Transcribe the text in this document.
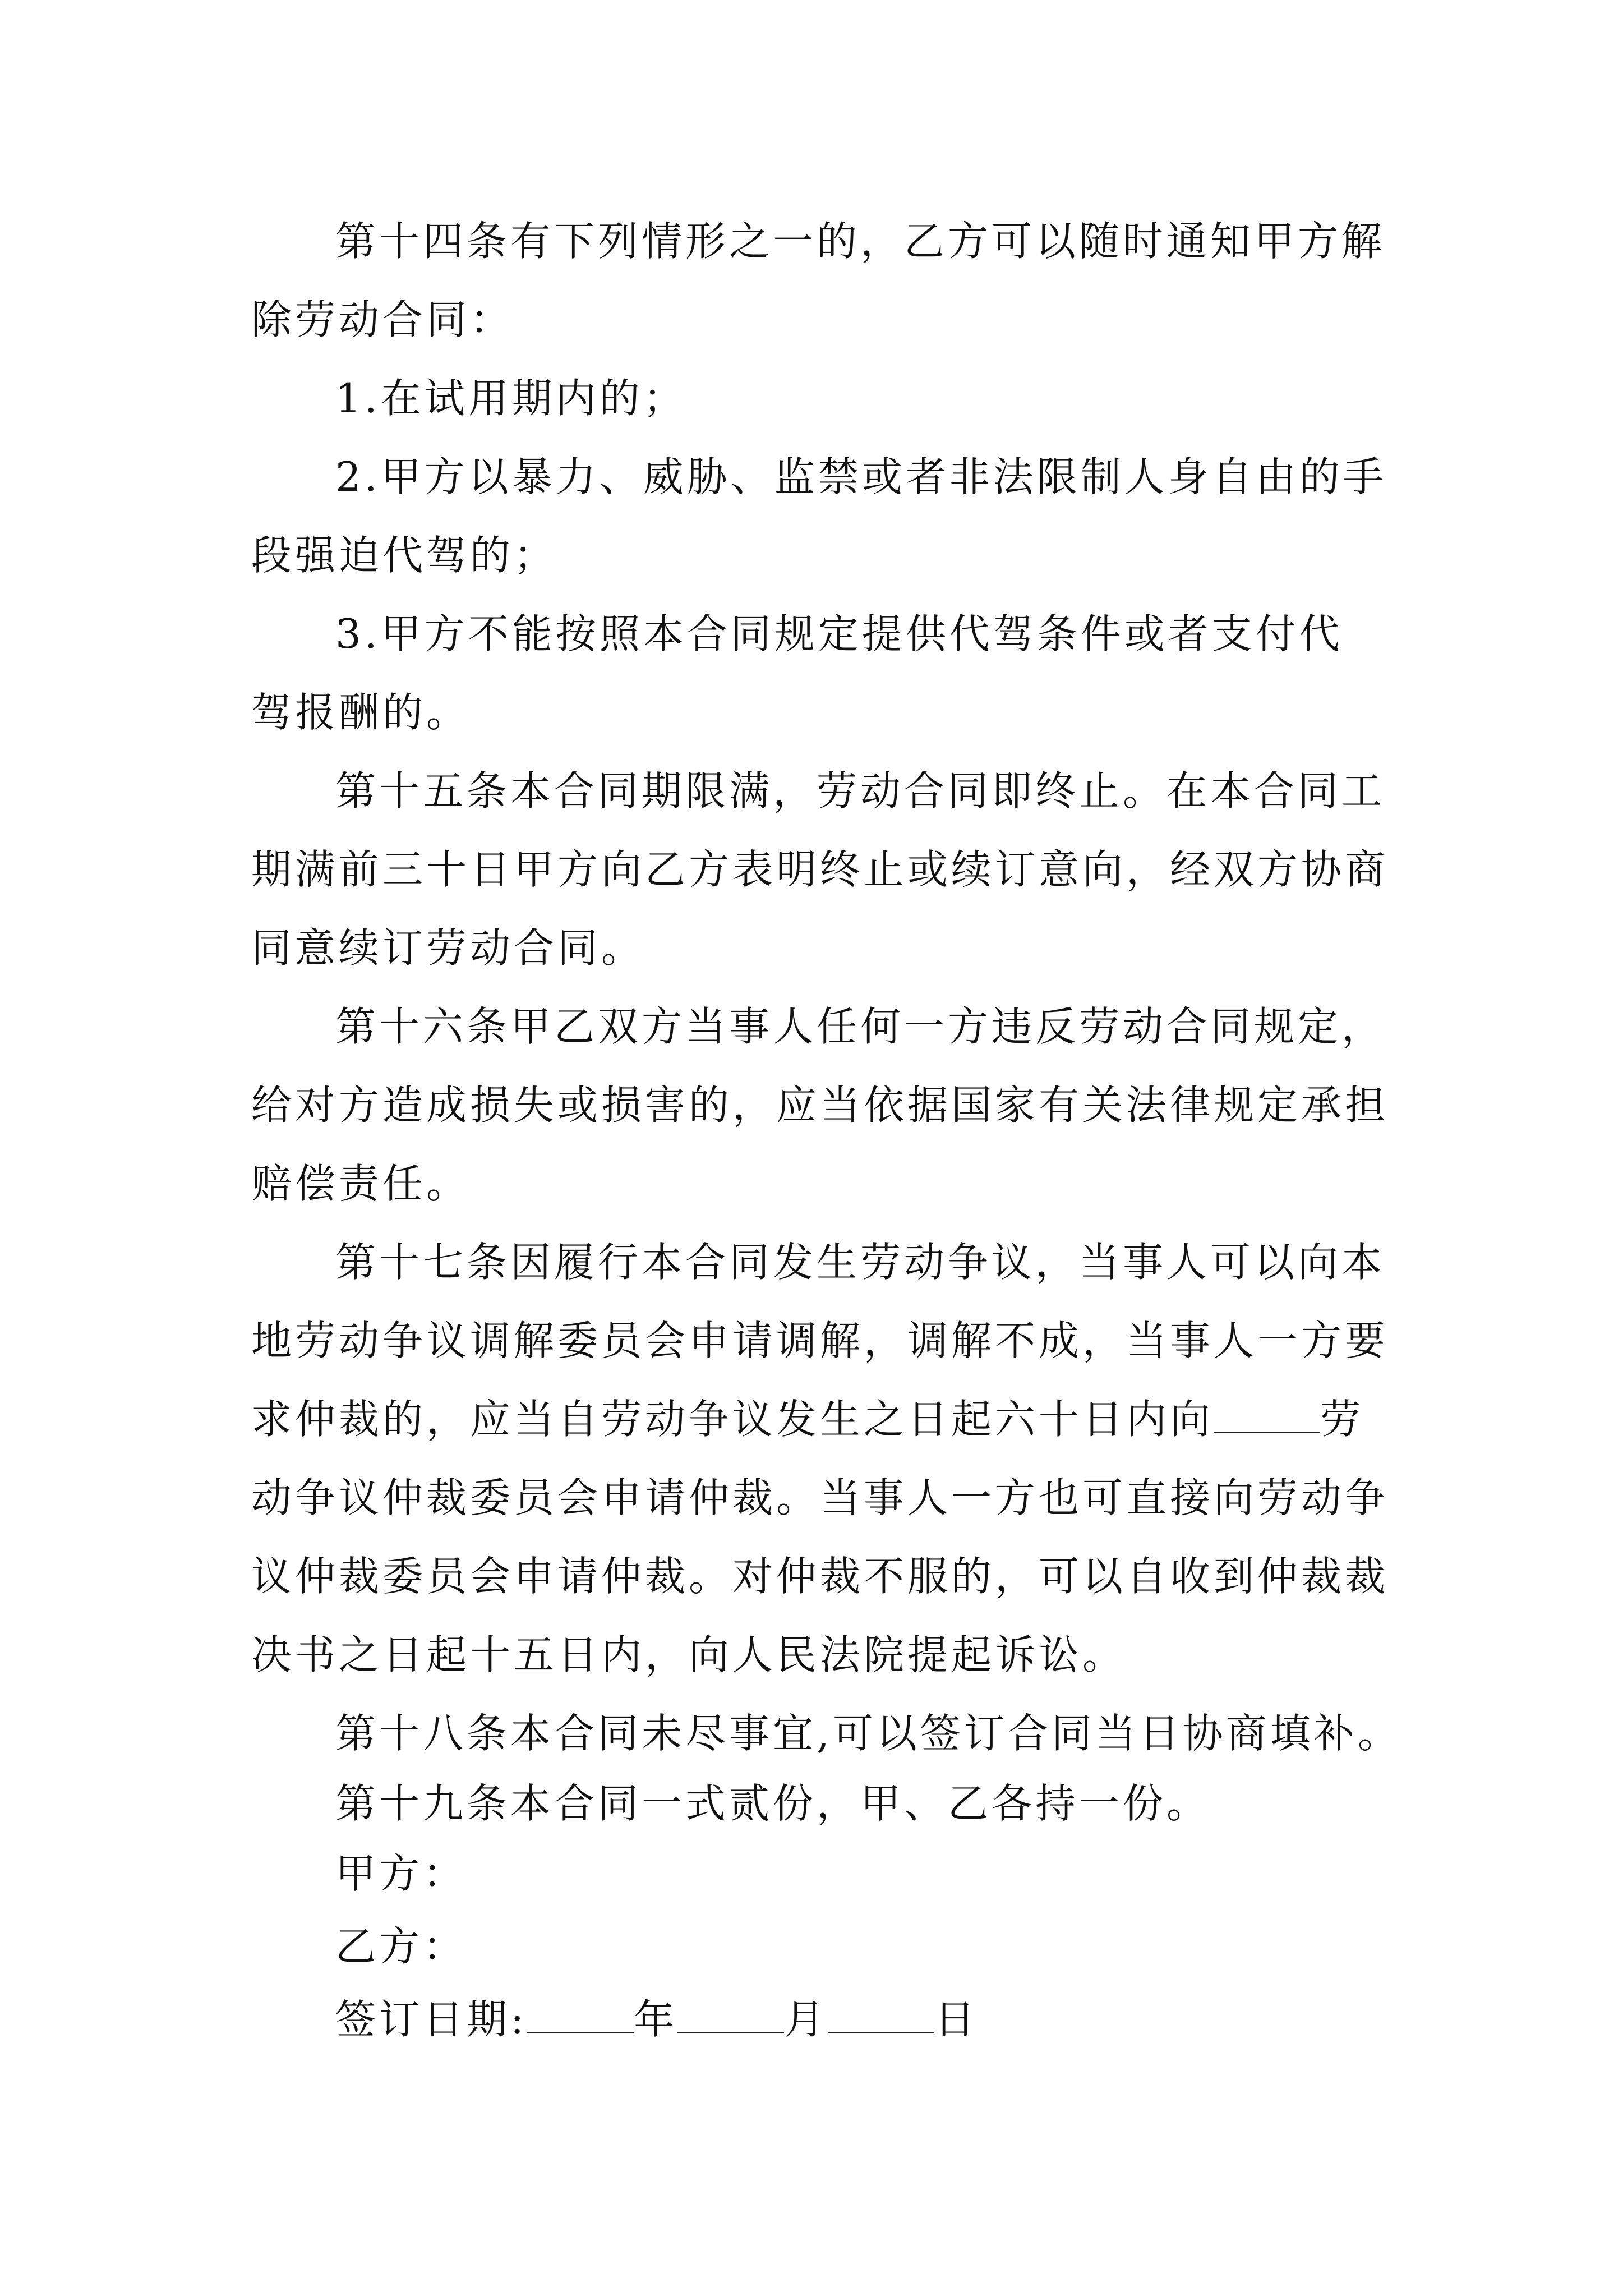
第十四条有下列情形之一的，乙方可以随时通知甲方解
除劳动合同：
1.在试用期内的；
2.甲方以暴力、威胁、监禁或者非法限制人身自由的手
段强迫代驾的；
3.甲方不能按照本合同规定提供代驾条件或者支付代
驾报酬的。
第十五条本合同期限满，劳动合同即终止。在本合同工
期满前三十日甲方向乙方表明终止或续订意向，经双方协商
同意续订劳动合同。
第十六条甲乙双方当事人任何一方违反劳动合同规定，
给对方造成损失或损害的，应当依据国家有关法律规定承担
赔偿责任。
第十七条因履行本合同发生劳动争议，当事人可以向本
地劳动争议调解委员会申请调解，调解不成，当事人一方要
求仲裁的，应当自劳动争议发生之日起六十日内向	劳
动争议仲裁委员会申请仲裁。当事人一方也可直接向劳动争
议仲裁委员会申请仲裁。对仲裁不服的，可以自收到仲裁裁
决书之日起十五日内，向人民法院提起诉讼。
第十八条本合同未尽事宜,可以签订合同当日协商填补。
第十九条本合同一式贰份，甲、乙各持一份。
甲方：
乙方：
签订日期:	年	月	日
